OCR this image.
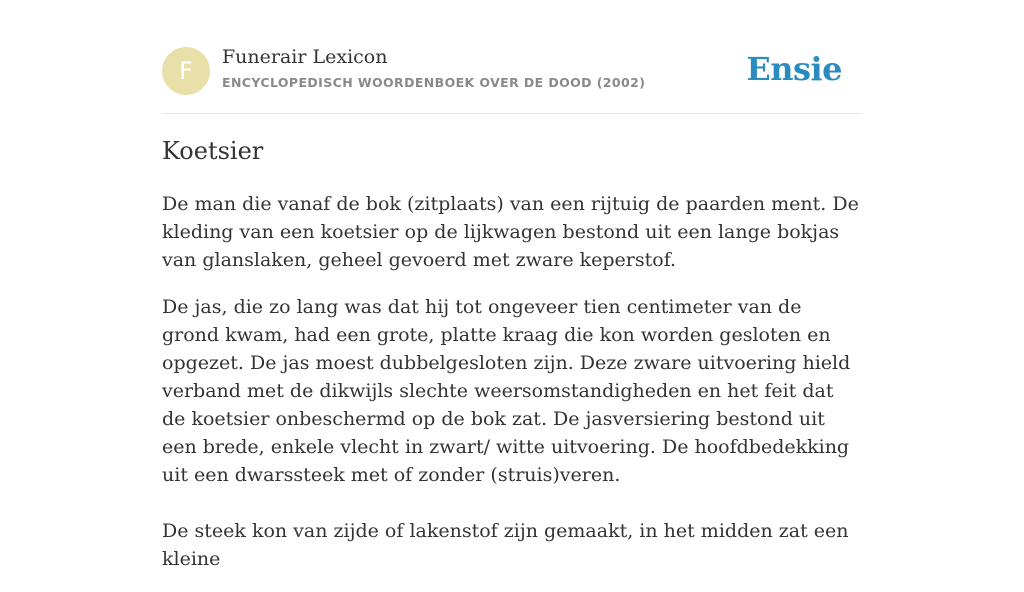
F	Funerair Lexicon
ENCYCLOPEDISCH WOORDENBOEK OVER DE DOOD (2002)	Ensie
Koetsier

De man die vanaf de bok (zitplaats) van een rijtuig de paarden ment. De kleding van een koetsier op de lijkwagen bestond uit een lange bokjas van glanslaken, geheel gevoerd met zware keperstof.

De jas, die zo lang was dat hij tot ongeveer tien centimeter van de grond kwam, had een grote, platte kraag die kon worden gesloten en opgezet. De jas moest dubbelgesloten zijn. Deze zware uitvoering hield verband met de dikwijls slechte weersomstandigheden en het feit dat de koetsier onbeschermd op de bok zat. De jasversiering bestond uit een brede, enkele vlecht in zwart/ witte uitvoering. De hoofdbedekking uit een dwarssteek met of zonder (struis)veren.

De steek kon van zijde of lakenstof zijn gemaakt, in het midden zat een kleine
